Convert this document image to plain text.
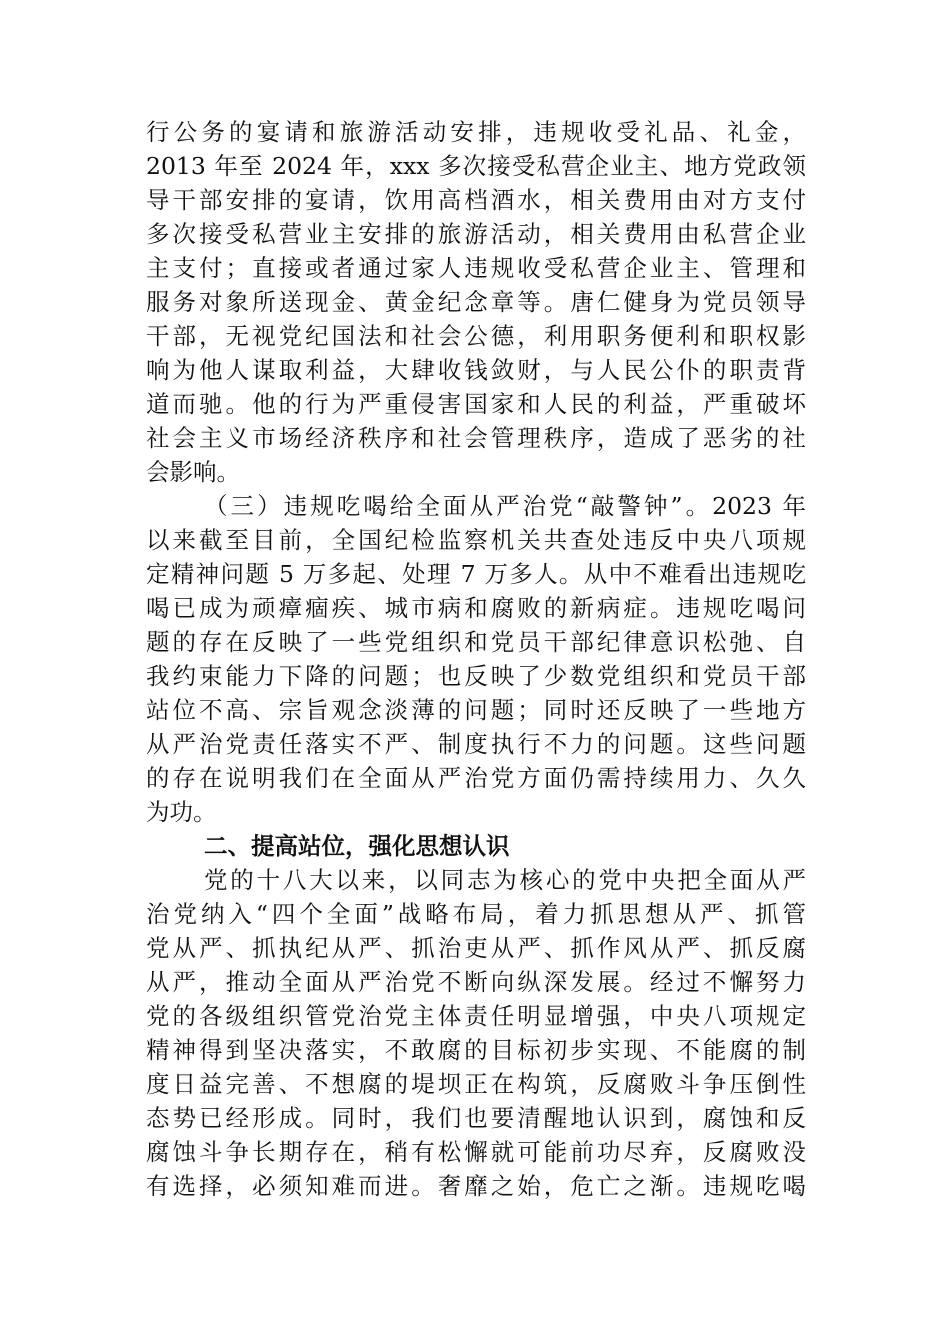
行公务的宴请和旅游活动安排，违规收受礼品、礼金，
2013 年至 2024 年，xxx 多次接受私营企业主、地方党政领
导干部安排的宴请，饮用高档酒水，相关费用由对方支付
多次接受私营业主安排的旅游活动，相关费用由私营企业
主支付；直接或者通过家人违规收受私营企业主、管理和
服务对象所送现金、黄金纪念章等。唐仁健身为党员领导
干部，无视党纪国法和社会公德，利用职务便利和职权影
响为他人谋取利益，大肆收钱敛财，与人民公仆的职责背
道而驰。他的行为严重侵害国家和人民的利益，严重破坏
社会主义市场经济秩序和社会管理秩序，造成了恶劣的社
会影响。
（三）违规吃喝给全面从严治党“敲警钟”。2023 年
以来截至目前，全国纪检监察机关共查处违反中央八项规
定精神问题 5 万多起、处理 7 万多人。从中不难看出违规吃
喝已成为顽瘴痼疾、城市病和腐败的新病症。违规吃喝问
题的存在反映了一些党组织和党员干部纪律意识松弛、自
我约束能力下降的问题；也反映了少数党组织和党员干部
站位不高、宗旨观念淡薄的问题；同时还反映了一些地方
从严治党责任落实不严、制度执行不力的问题。这些问题
的存在说明我们在全面从严治党方面仍需持续用力、久久
为功。
二、提高站位，强化思想认识
党的十八大以来，以同志为核心的党中央把全面从严
治党纳入“四个全面”战略布局，着力抓思想从严、抓管
党从严、抓执纪从严、抓治吏从严、抓作风从严、抓反腐
从严，推动全面从严治党不断向纵深发展。经过不懈努力
党的各级组织管党治党主体责任明显增强，中央八项规定
精神得到坚决落实，不敢腐的目标初步实现、不能腐的制
度日益完善、不想腐的堤坝正在构筑，反腐败斗争压倒性
态势已经形成。同时，我们也要清醒地认识到，腐蚀和反
腐蚀斗争长期存在，稍有松懈就可能前功尽弃，反腐败没
有选择，必须知难而进。奢靡之始，危亡之渐。违规吃喝
